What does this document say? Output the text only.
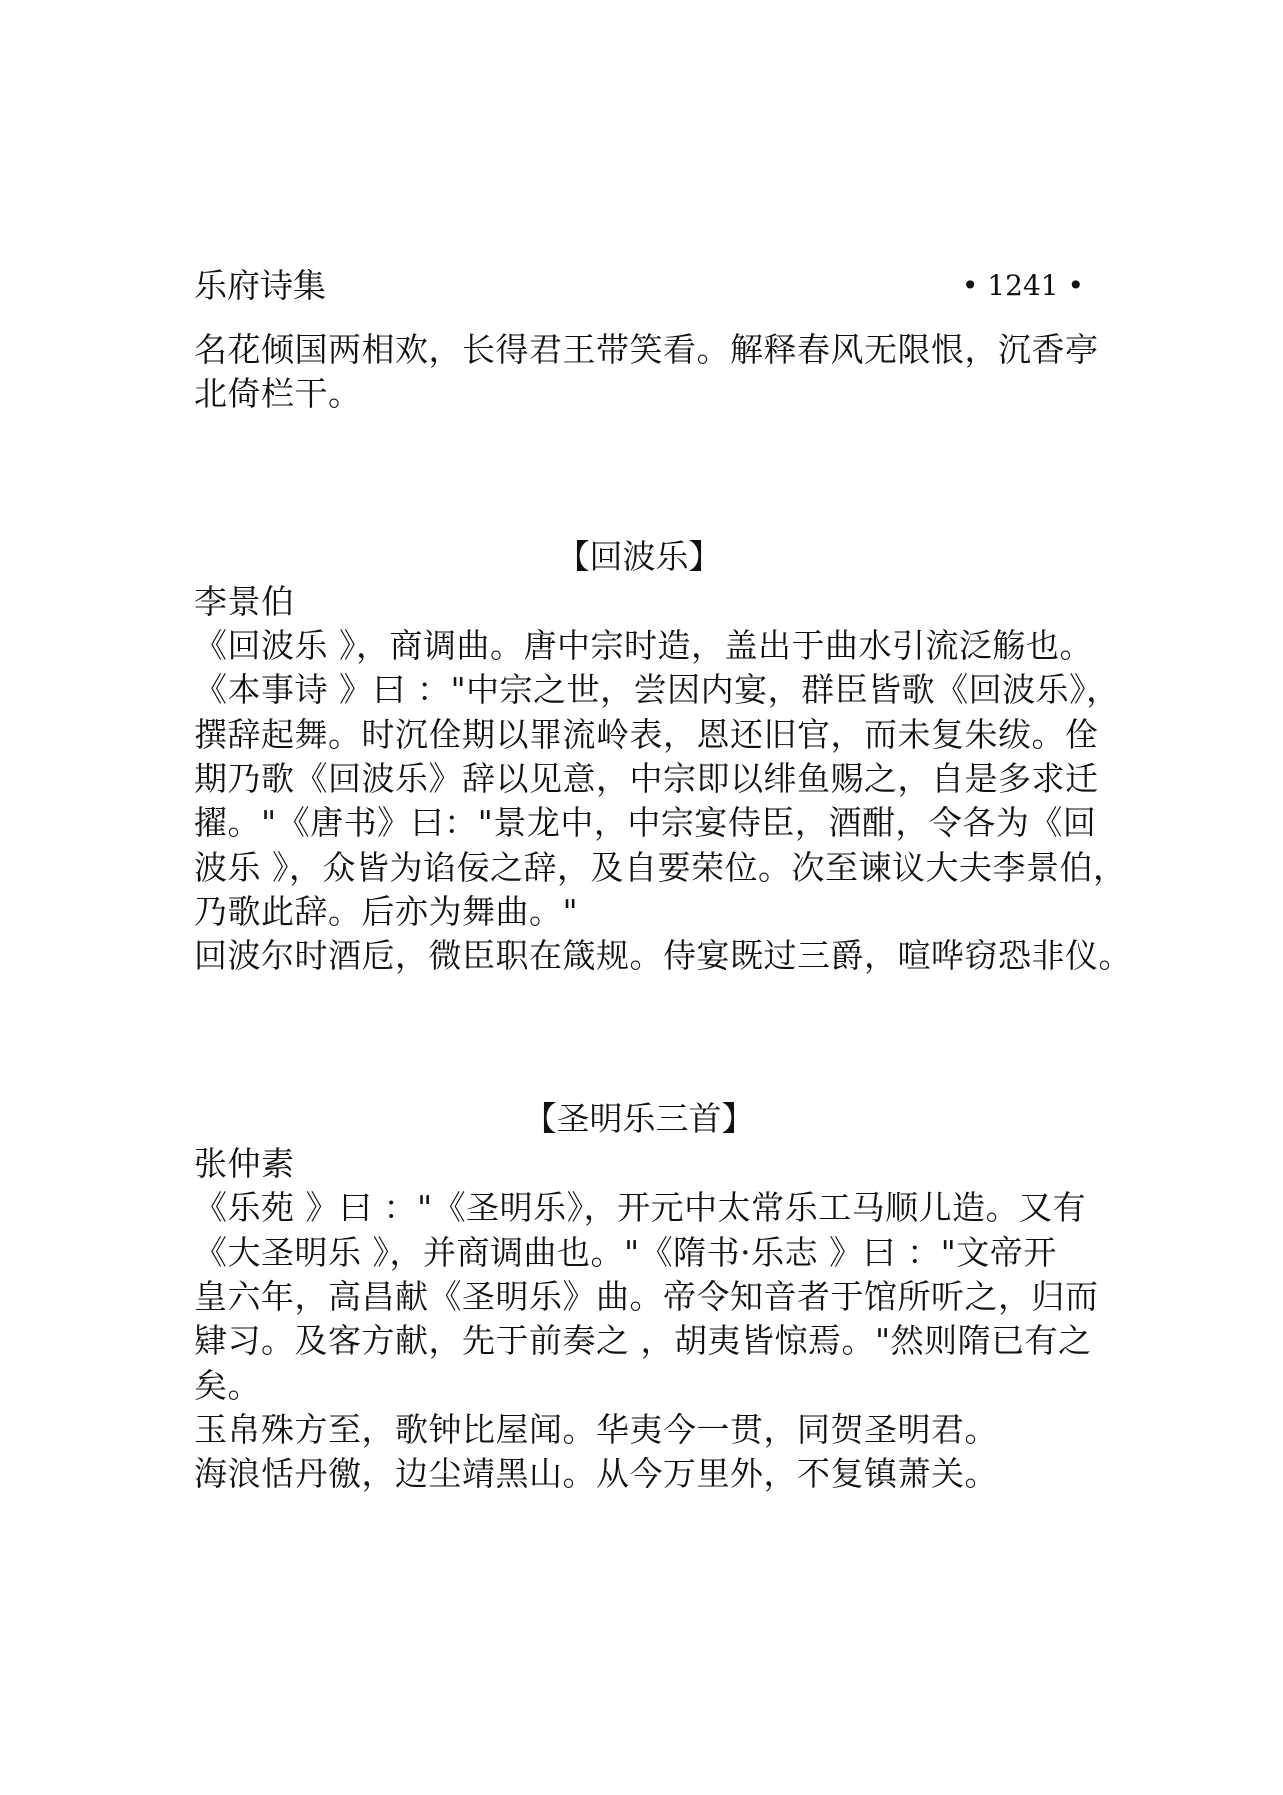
乐府诗集	• 1241 •
名花倾国两相欢，长得君王带笑看。解释春风无限恨，沉香亭
北倚栏干。
【回波乐】
李景伯
《回波乐 》，商调曲。唐中宗时造，盖出于曲水引流泛觞也。
《本事诗 》曰 ："中宗之世，尝因内宴，群臣皆歌《回波乐》，
撰辞起舞。时沉佺期以罪流岭表，恩还旧官，而未复朱绂。佺
期乃歌《回波乐》辞以见意，中宗即以绯鱼赐之，自是多求迁
擢。"《唐书》曰："景龙中，中宗宴侍臣，酒酣，令各为《回
波乐 》，众皆为谄佞之辞，及自要荣位。次至谏议大夫李景伯，
乃歌此辞。后亦为舞曲。"
回波尔时酒卮，微臣职在箴规。侍宴既过三爵，喧哗窃恐非仪。
【圣明乐三首】
张仲素
《乐苑 》曰 ："《圣明乐》，开元中太常乐工马顺儿造。又有
《大圣明乐 》，并商调曲也。"《隋书·乐志 》曰 ："文帝开
皇六年，高昌献《圣明乐》曲。帝令知音者于馆所听之，归而
肄习。及客方献，先于前奏之 ，胡夷皆惊焉。"然则隋已有之
矣。
玉帛殊方至，歌钟比屋闻。华夷今一贯，同贺圣明君。
海浪恬丹徼，边尘靖黑山。从今万里外，不复镇萧关。
